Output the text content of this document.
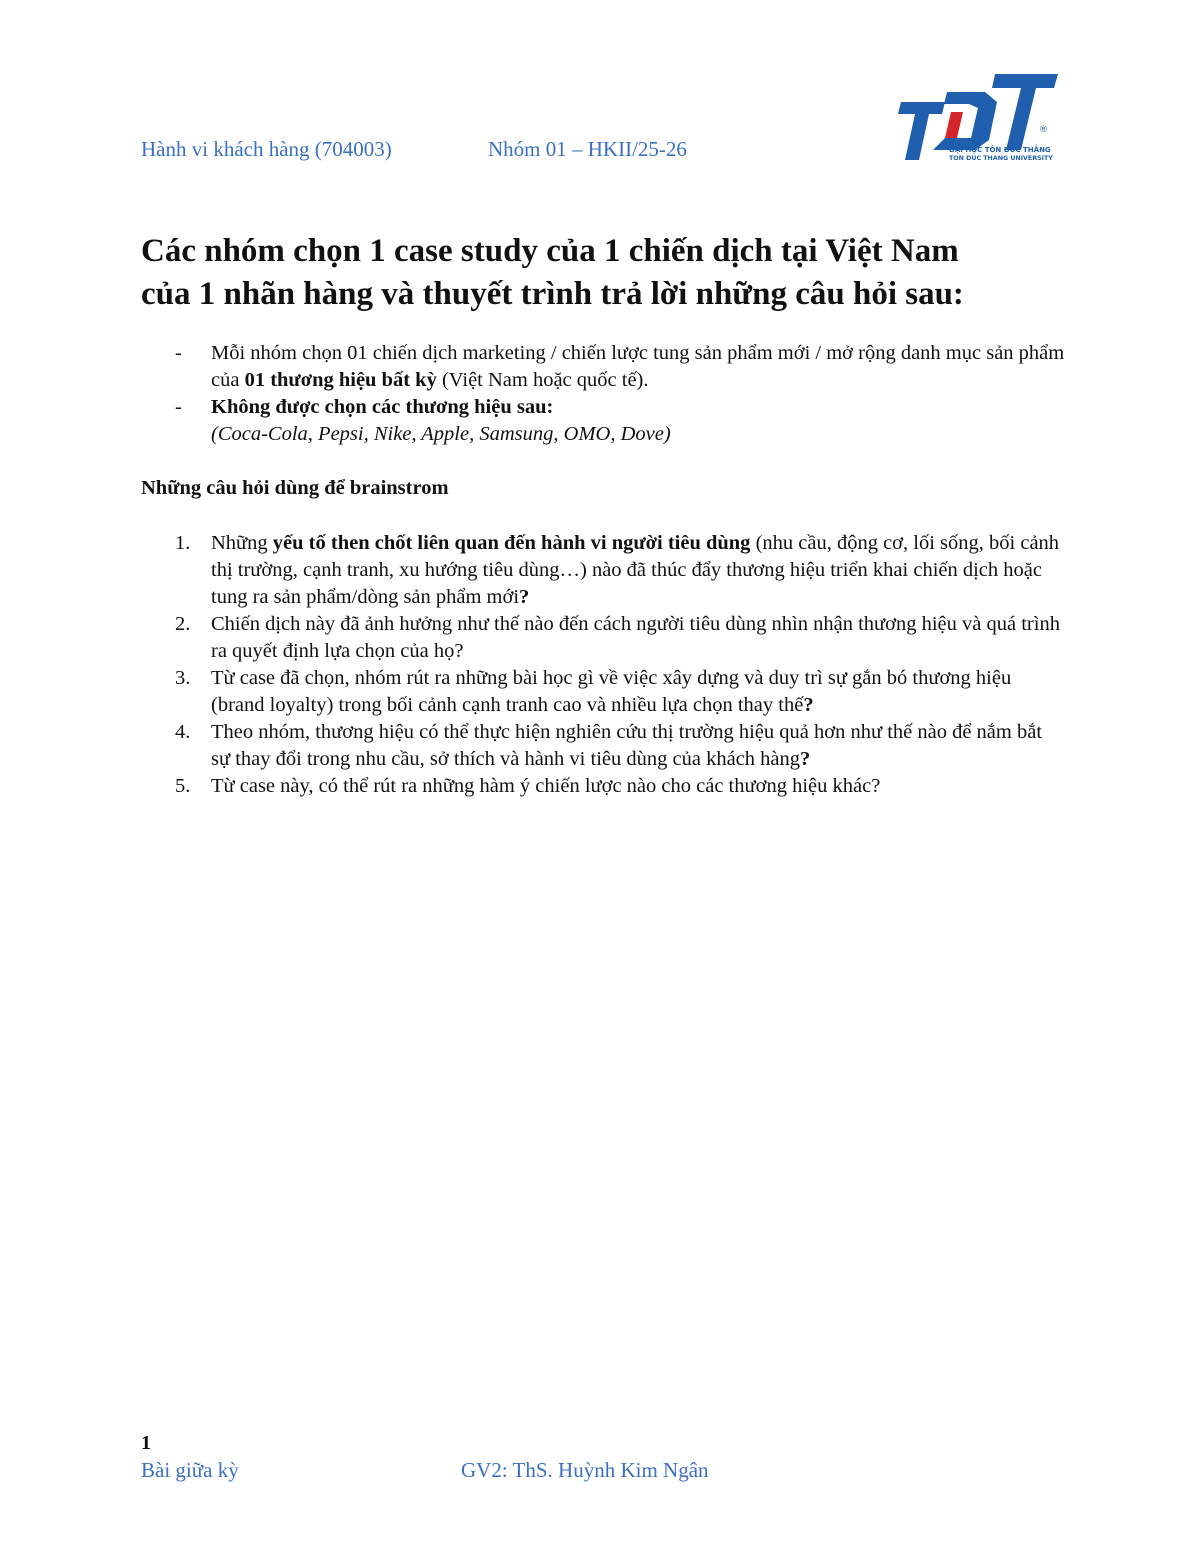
Hành vi khách hàng (704003)	Nhóm 01 – HKII/25-26
®
ĐẠI HỌC TÔN ĐỨC THẮNG
TON DUC THANG UNIVERSITY
Các nhóm chọn 1 case study của 1 chiến dịch tại Việt Nam
của 1 nhãn hàng và thuyết trình trả lời những câu hỏi sau:
- Mỗi nhóm chọn 01 chiến dịch marketing / chiến lược tung sản phẩm mới / mở rộng danh mục sản phẩm của 01 thương hiệu bất kỳ (Việt Nam hoặc quốc tế).
- Không được chọn các thương hiệu sau:
(Coca-Cola, Pepsi, Nike, Apple, Samsung, OMO, Dove)
Những câu hỏi dùng để brainstrom
1. Những yếu tố then chốt liên quan đến hành vi người tiêu dùng (nhu cầu, động cơ, lối sống, bối cảnh thị trường, cạnh tranh, xu hướng tiêu dùng…) nào đã thúc đẩy thương hiệu triển khai chiến dịch hoặc tung ra sản phẩm/dòng sản phẩm mới?
2. Chiến dịch này đã ảnh hưởng như thế nào đến cách người tiêu dùng nhìn nhận thương hiệu và quá trình ra quyết định lựa chọn của họ?
3. Từ case đã chọn, nhóm rút ra những bài học gì về việc xây dựng và duy trì sự gắn bó thương hiệu (brand loyalty) trong bối cảnh cạnh tranh cao và nhiều lựa chọn thay thế?
4. Theo nhóm, thương hiệu có thể thực hiện nghiên cứu thị trường hiệu quả hơn như thế nào để nắm bắt sự thay đổi trong nhu cầu, sở thích và hành vi tiêu dùng của khách hàng?
5. Từ case này, có thể rút ra những hàm ý chiến lược nào cho các thương hiệu khác?
1
Bài giữa kỳ	GV2: ThS. Huỳnh Kim Ngân
